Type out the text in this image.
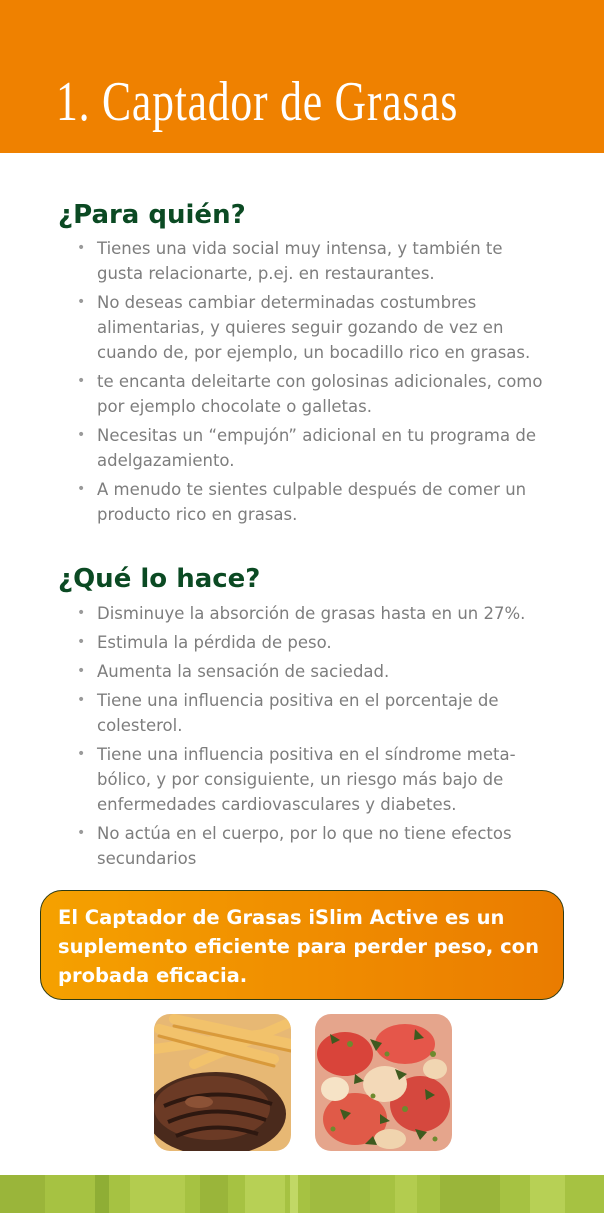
1. Captador de Grasas
¿Para quién?
• Tienes una vida social muy intensa, y también te gusta relacionarte, p.ej. en restaurantes.
• No deseas cambiar determinadas costumbres alimentarias, y quieres seguir gozando de vez en cuando de, por ejemplo, un bocadillo rico en grasas.
• te encanta deleitarte con golosinas adicionales, como por ejemplo chocolate o galletas.
• Necesitas un “empujón” adicional en tu programa de adelgazamiento.
• A menudo te sientes culpable después de comer un producto rico en grasas.
¿Qué lo hace?
• Disminuye la absorción de grasas hasta en un 27%.
• Estimula la pérdida de peso.
• Aumenta la sensación de saciedad.
• Tiene una influencia positiva en el porcentaje de colesterol.
• Tiene una influencia positiva en el síndrome meta-bólico, y por consiguiente, un riesgo más bajo de enfermedades cardiovasculares y diabetes.
• No actúa en el cuerpo, por lo que no tiene efectos secundarios
El Captador de Grasas iSlim Active es un suplemento eficiente para perder peso, con probada eficacia.
